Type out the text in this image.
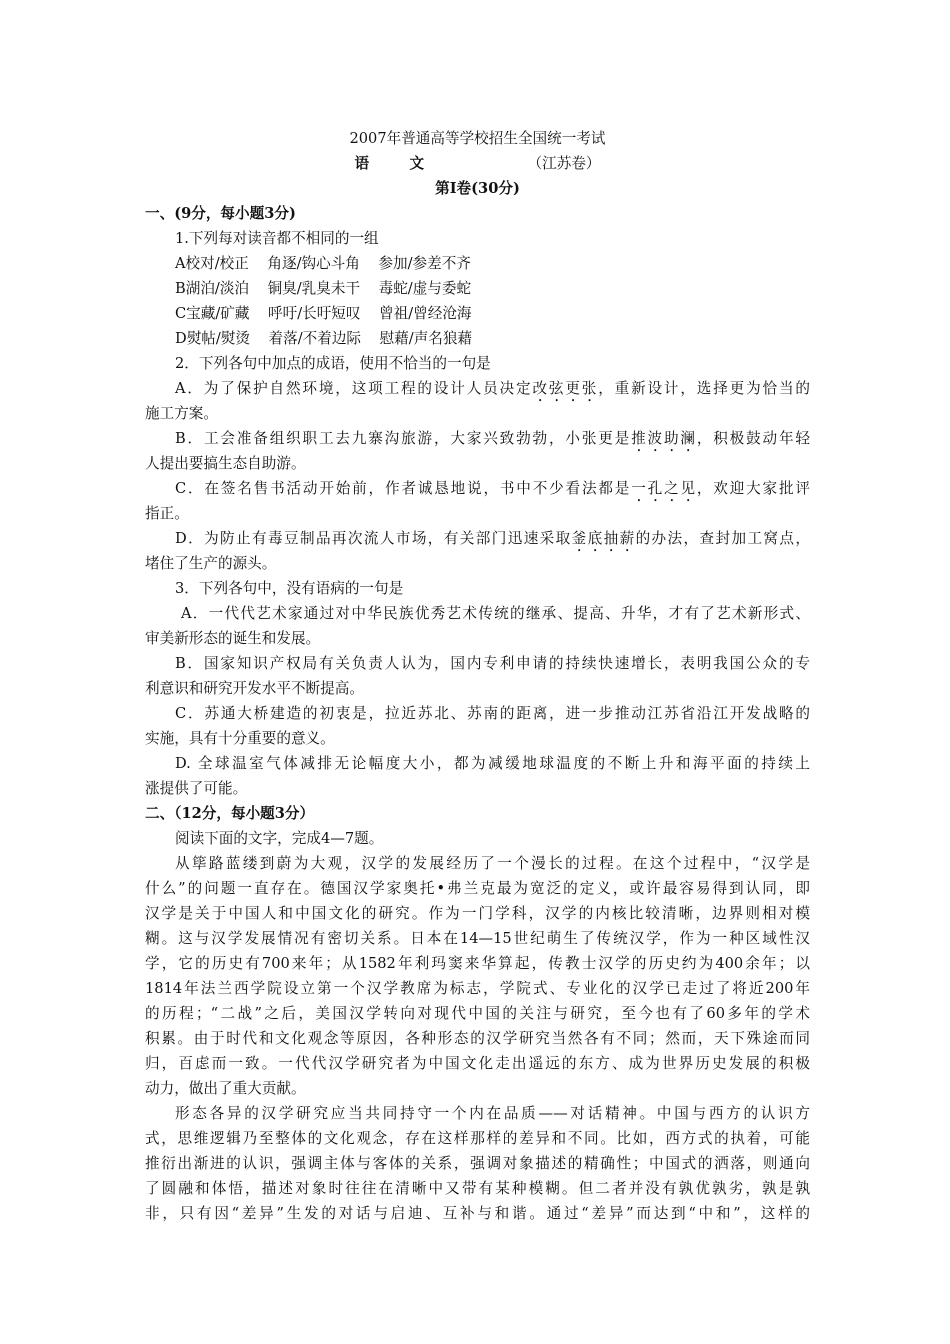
2007年普通高等学校招生全国统一考试
语	文	（江苏卷）
第Ⅰ卷(30分)
一、(9分，每小题3分)
1.下列每对读音都不相同的一组
A校对/校正    角逐/钩心斗角    参加/参差不齐
B湖泊/淡泊    铜臭/乳臭未干    毒蛇/虚与委蛇
C宝藏/矿藏    呼吁/长吁短叹    曾祖/曾经沧海
D熨帖/熨烫    着落/不着边际    慰藉/声名狼藉
2．下列各句中加点的成语，使用不恰当的一句是
A．为了保护自然环境，这项工程的设计人员决定改弦更张，重新设计，选择更为恰当的
施工方案。
B．工会准备组织职工去九寨沟旅游，大家兴致勃勃，小张更是推波助澜，积极鼓动年轻
人提出要搞生态自助游。
C．在签名售书活动开始前，作者诚恳地说，书中不少看法都是一孔之见，欢迎大家批评
指正。
D．为防止有毒豆制品再次流人市场，有关部门迅速采取釜底抽薪的办法，查封加工窝点，
堵住了生产的源头。
3．下列各句中，没有语病的一句是
A．一代代艺术家通过对中华民族优秀艺术传统的继承、提高、升华，才有了艺术新形式、
审美新形态的诞生和发展。
B．国家知识产权局有关负责人认为，国内专利申请的持续快速增长，表明我国公众的专
利意识和研究开发水平不断提高。
C．苏通大桥建造的初衷是，拉近苏北、苏南的距离，进一步推动江苏省沿江开发战略的
实施，具有十分重要的意义。
D. 全球温室气体减排无论幅度大小，都为减缓地球温度的不断上升和海平面的持续上
涨提供了可能。
二、（12分，每小题3分）
阅读下面的文字，完成4—7题。
从筚路蓝缕到蔚为大观，汉学的发展经历了一个漫长的过程。在这个过程中，“汉学是
什么”的问题一直存在。德国汉学家奥托•弗兰克最为宽泛的定义，或许最容易得到认同，即
汉学是关于中国人和中国文化的研究。作为一门学科，汉学的内核比较清晰，边界则相对模
糊。这与汉学发展情况有密切关系。日本在14—15世纪萌生了传统汉学，作为一种区域性汉
学，它的历史有700来年；从1582年利玛窦来华算起，传教士汉学的历史约为400余年；以
1814年法兰西学院设立第一个汉学教席为标志，学院式、专业化的汉学已走过了将近200年
的历程；“二战”之后，美国汉学转向对现代中国的关注与研究，至今也有了60多年的学术
积累。由于时代和文化观念等原因，各种形态的汉学研究当然各有不同；然而，天下殊途而同
归，百虑而一致。一代代汉学研究者为中国文化走出遥远的东方、成为世界历史发展的积极
动力，做出了重大贡献。
形态各异的汉学研究应当共同持守一个内在品质——对话精神。中国与西方的认识方
式，思维逻辑乃至整体的文化观念，存在这样那样的差异和不同。比如，西方式的执着，可能
推衍出渐进的认识，强调主体与客体的关系，强调对象描述的精确性；中国式的洒落，则通向
了圆融和体悟，描述对象时往往在清晰中又带有某种模糊。但二者并没有孰优孰劣，孰是孰
非，只有因“差异”生发的对话与启迪、互补与和谐。通过“差异”而达到“中和”，这样的
